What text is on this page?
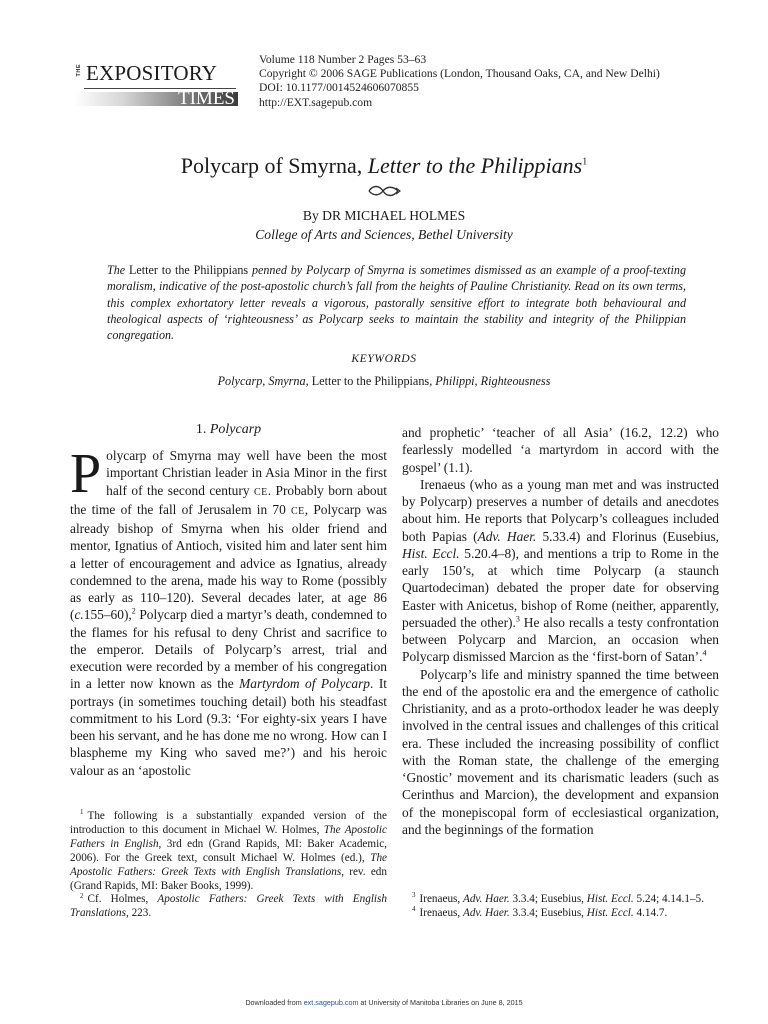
THE EXPOSITORY
TIMES
Volume 118 Number 2 Pages 53–63
Copyright © 2006 SAGE Publications (London, Thousand Oaks, CA, and New Delhi)
DOI: 10.1177/0014524606070855
http://EXT.sagepub.com
Polycarp of Smyrna, Letter to the Philippians$^1$
By DR MICHAEL HOLMES
College of Arts and Sciences, Bethel University
The Letter to the Philippians penned by Polycarp of Smyrna is sometimes dismissed as an example of a proof-texting moralism, indicative of the post-apostolic church’s fall from the heights of Pauline Christianity. Read on its own terms, this complex exhortatory letter reveals a vigorous, pastorally sensitive effort to integrate both behavioural and theological aspects of ‘righteousness’ as Polycarp seeks to maintain the stability and integrity of the Philippian congregation.
KEYWORDS
Polycarp, Smyrna, Letter to the Philippians, Philippi, Righteousness
1. Polycarp

Polycarp of Smyrna may well have been the most important Christian leader in Asia Minor in the first half of the second century CE. Probably born about the time of the fall of Jerusalem in 70 CE, Polycarp was already bishop of Smyrna when his older friend and mentor, Ignatius of Antioch, visited him and later sent him a letter of encouragement and advice as Ignatius, already condemned to the arena, made his way to Rome (possibly as early as 110–120). Several decades later, at age 86 (c.155–60),$^2$ Polycarp died a martyr’s death, condemned to the flames for his refusal to deny Christ and sacrifice to the emperor. Details of Polycarp’s arrest, trial and execution were recorded by a member of his congregation in a letter now known as the Martyrdom of Polycarp. It portrays (in sometimes touching detail) both his steadfast commitment to his Lord (9.3: ‘For eighty-six years I have been his servant, and he has done me no wrong. How can I blaspheme my King who saved me?’) and his heroic valour as an ‘apostolic

and prophetic’ ‘teacher of all Asia’ (16.2, 12.2) who fearlessly modelled ‘a martyrdom in accord with the gospel’ (1.1).

Irenaeus (who as a young man met and was instructed by Polycarp) preserves a number of details and anecdotes about him. He reports that Polycarp’s colleagues included both Papias (Adv. Haer. 5.33.4) and Florinus (Eusebius, Hist. Eccl. 5.20.4–8), and mentions a trip to Rome in the early 150’s, at which time Polycarp (a staunch Quartodeciman) debated the proper date for observing Easter with Anicetus, bishop of Rome (neither, apparently, persuaded the other).$^3$ He also recalls a testy confrontation between Polycarp and Marcion, an occasion when Polycarp dismissed Marcion as the ‘first-born of Satan’.$^4$

Polycarp’s life and ministry spanned the time between the end of the apostolic era and the emergence of catholic Christianity, and as a proto-orthodox leader he was deeply involved in the central issues and challenges of this critical era. These included the increasing possibility of conflict with the Roman state, the challenge of the emerging ‘Gnostic’ movement and its charismatic leaders (such as Cerinthus and Marcion), the development and expansion of the monepiscopal form of ecclesiastical organization, and the beginnings of the formation

$^1$ The following is a substantially expanded version of the introduction to this document in Michael W. Holmes, The Apostolic Fathers in English, 3rd edn (Grand Rapids, MI: Baker Academic, 2006). For the Greek text, consult Michael W. Holmes (ed.), The Apostolic Fathers: Greek Texts with English Translations, rev. edn (Grand Rapids, MI: Baker Books, 1999).
$^2$ Cf. Holmes, Apostolic Fathers: Greek Texts with English Translations, 223.
$^3$ Irenaeus, Adv. Haer. 3.3.4; Eusebius, Hist. Eccl. 5.24; 4.14.1–5.
$^4$ Irenaeus, Adv. Haer. 3.3.4; Eusebius, Hist. Eccl. 4.14.7.
Downloaded from ext.sagepub.com at University of Manitoba Libraries on June 8, 2015
